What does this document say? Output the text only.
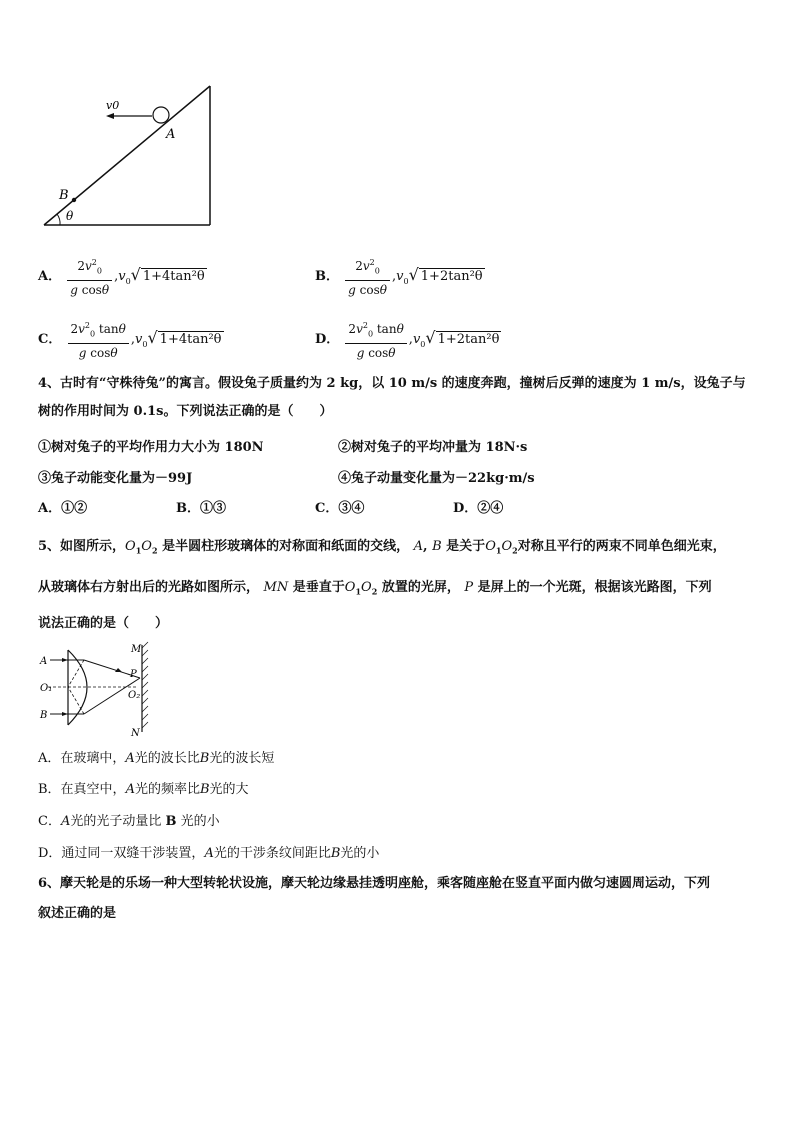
v0
A
B
θ
A． $\frac{2v^2_0}{\text{g cosθ}} ,v_0√$ 1+4tan²θ	B． $\frac{2v^2_0}{\text{g cosθ}} ,v_0√$ 1+2tan²θ
C． $\frac{2v^2_0 \tan\theta}{\text{g cosθ}} ,v_0√$ 1+4tan²θ	D． $\frac{2v^2_0 \tan\theta}{\text{g cosθ}} ,v_0√$ 1+2tan²θ
4、古时有“守株待兔”的寓言。假设兔子质量约为 2 kg，以 10 m/s 的速度奔跑，撞树后反弹的速度为 1 m/s，设兔子与
树的作用时间为 0.1s。下列说法正确的是（　　）
①树对兔子的平均作用力大小为 180N	②树对兔子的平均冲量为 18N·s
③兔子动能变化量为－99J	④兔子动量变化量为－22kg·m/s
A．①②	B．①③	C．③④	D．②④
5、如图所示，$O_1O_2$ 是半圆柱形玻璃体的对称面和纸面的交线， A, B 是关于$O_1O_2$对称且平行的两束不同单色细光束，
从玻璃体右方射出后的光路如图所示， MN 是垂直于$O_1O_2$ 放置的光屏， P 是屏上的一个光斑，根据该光路图，下列
说法正确的是（　　）
A
B
O₁
O₂
M
N
P
A．在玻璃中，A光的波长比B光的波长短
B．在真空中，A光的频率比B光的大
C．A光的光子动量比 B 光的小
D．通过同一双缝干涉装置，A光的干涉条纹间距比B光的小
6、摩天轮是的乐场一种大型转轮状设施，摩天轮边缘悬挂透明座舱，乘客随座舱在竖直平面内做匀速圆周运动，下列
叙述正确的是
